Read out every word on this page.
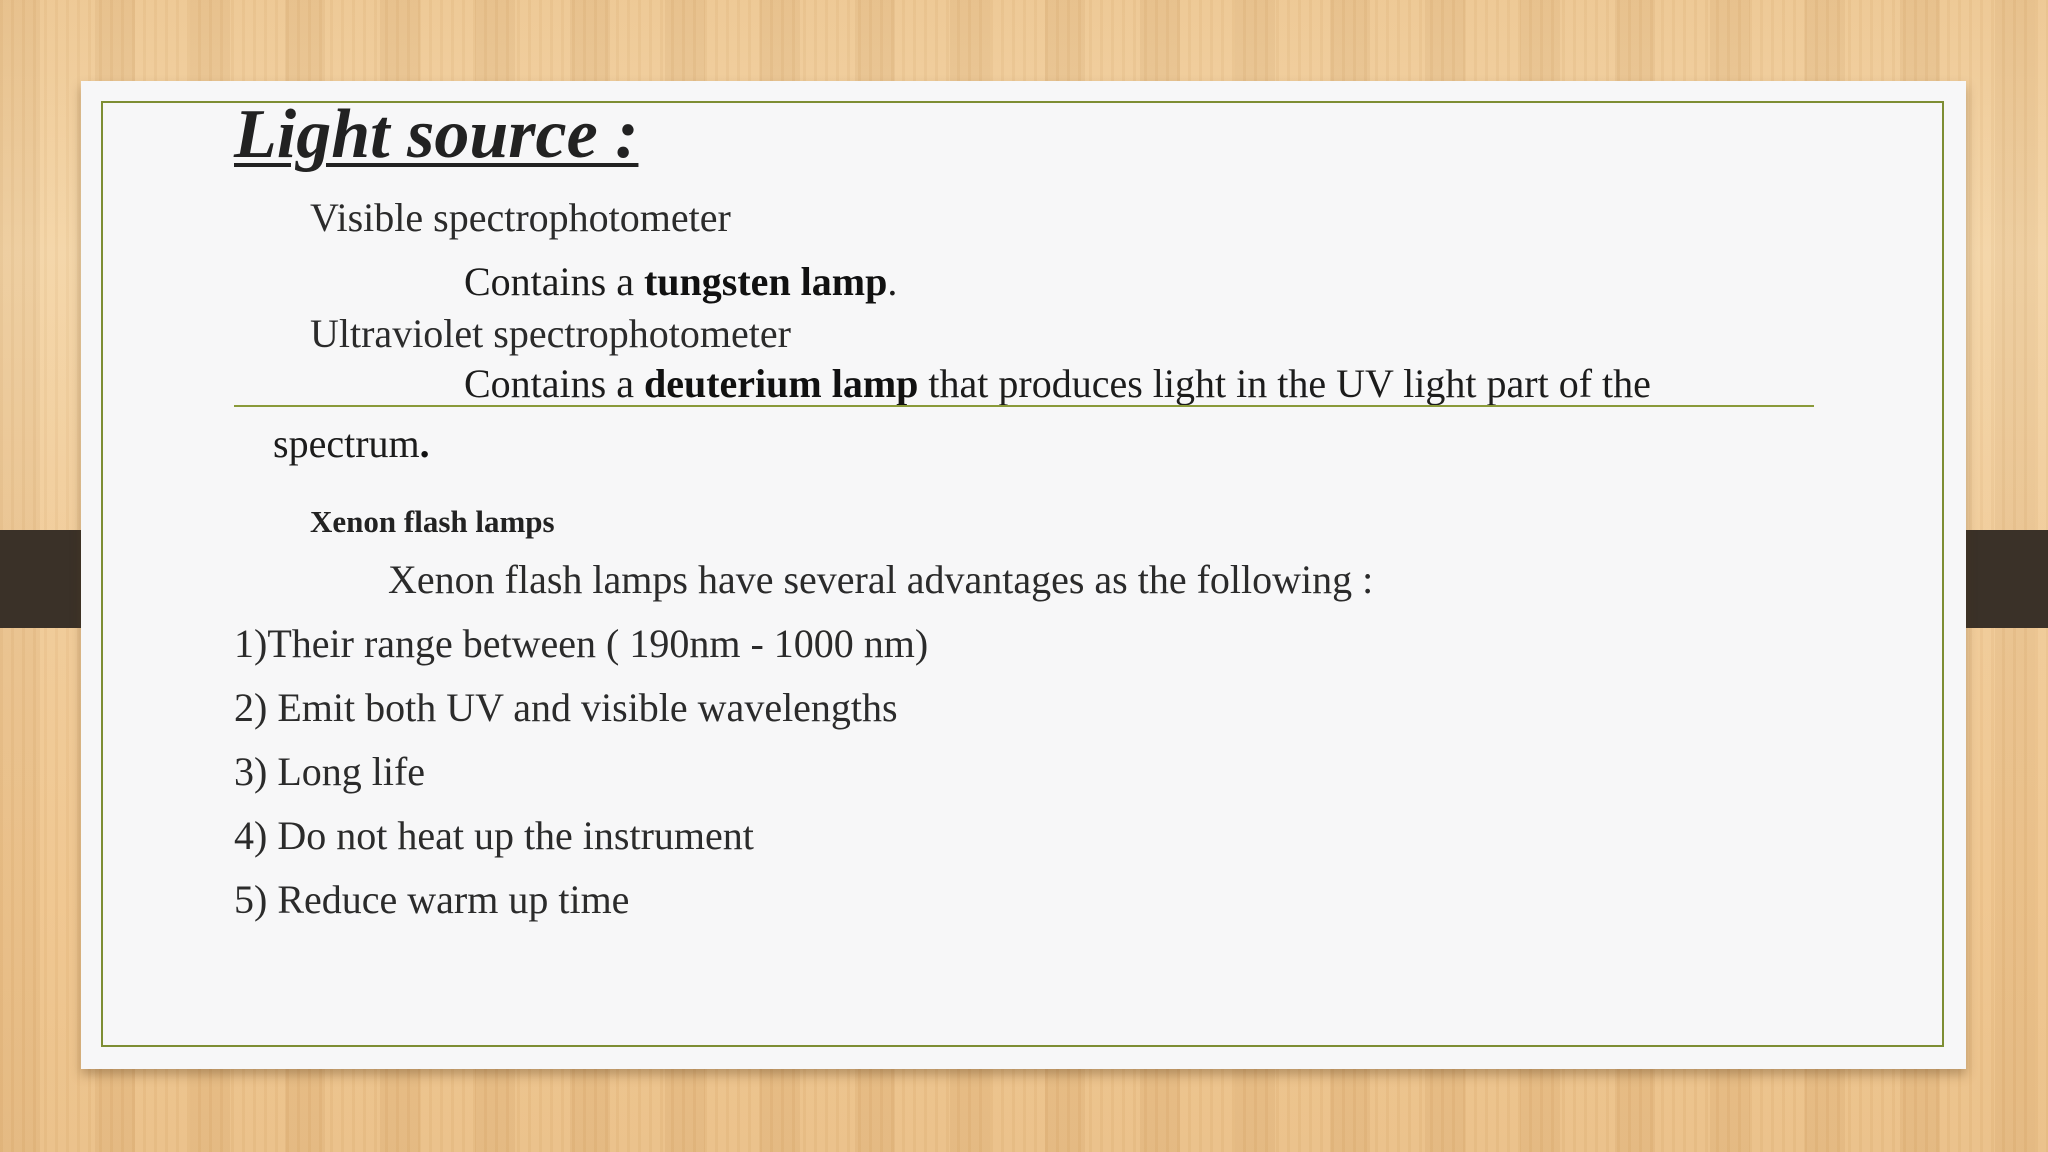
Light source :
Visible spectrophotometer
Contains a tungsten lamp.
Ultraviolet spectrophotometer
Contains a deuterium lamp that produces light in the UV light part of the
spectrum.
Xenon flash lamps
Xenon flash lamps have several advantages as the following :
1)Their range between ( 190nm - 1000 nm)
2) Emit both UV and visible wavelengths
3) Long life
4) Do not heat up the instrument
5) Reduce warm up time
